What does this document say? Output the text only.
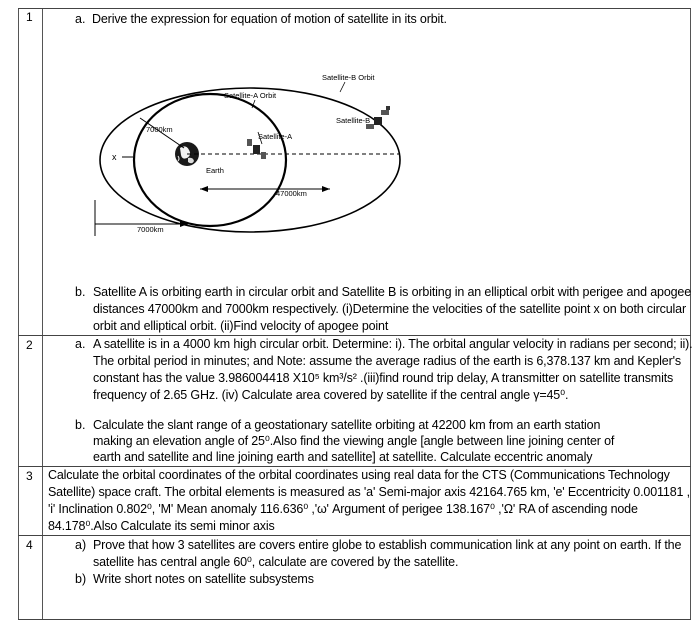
1
2
3
4
a. Derive the expression for equation of motion of satellite in its orbit.
Satellite-B Orbit
Satellite-A Orbit
Satellite-B
Satellite-A
7000km
Earth
x
47000km
7000km
b. Satellite A is orbiting earth in circular orbit and Satellite B is orbiting in an elliptical orbit with perigee and apogee
distances 47000km and 7000km respectively. (i)Determine the velocities of the satellite point x on both circular
orbit and elliptical orbit. (ii)Find velocity of apogee point
a. A satellite is in a 4000 km high circular orbit. Determine: i). The orbital angular velocity in radians per second; ii).
The orbital period in minutes; and Note: assume the average radius of the earth is 6,378.137 km and Kepler's
constant has the value 3.986004418 X10⁵ km³/s² .(iii)find round trip delay, A transmitter on satellite transmits
frequency of 2.65 GHz. (iv) Calculate area covered by satellite if the central angle γ=45⁰.
b. Calculate the slant range of a geostationary satellite orbiting at 42200 km from an earth station
making an elevation angle of 25⁰.Also find the viewing angle [angle between line joining center of
earth and satellite and line joining earth and satellite] at satellite. Calculate eccentric anomaly
Calculate the orbital coordinates of the orbital coordinates using real data for the CTS (Communications Technology
Satellite) space craft. The orbital elements is measured as 'a' Semi-major axis 42164.765 km, 'e' Eccentricity 0.001181 ,
'i' Inclination 0.802⁰, 'M' Mean anomaly 116.636⁰ ,'ω' Argument of perigee 138.167⁰ ,'Ω' RA of ascending node
84.178⁰.Also Calculate its semi minor axis
a) Prove that how 3 satellites are covers entire globe to establish communication link at any point on earth. If the
satellite has central angle 60⁰, calculate are covered by the satellite.
b) Write short notes on satellite subsystems
